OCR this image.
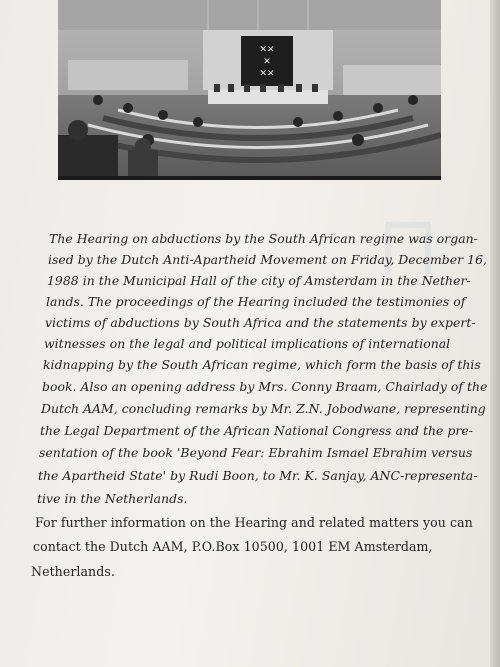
✕✕
✕
✕✕
The Hearing on abductions by the South African regime was organ-
ised by the Dutch Anti-Apartheid Movement on Friday, December 16,
1988 in the Municipal Hall of the city of Amsterdam in the Nether-
lands. The proceedings of the Hearing included the testimonies of
victims of abductions by South Africa and the statements by expert-
witnesses on the legal and political implications of international
kidnapping by the South African regime, which form the basis of this
book. Also an opening address by Mrs. Conny Braam, Chairlady of the
Dutch AAM, concluding remarks by Mr. Z.N. Jobodwane, representing
the Legal Department of the African National Congress and the pre-
sentation of the book 'Beyond Fear: Ebrahim Ismael Ebrahim versus
the Apartheid State' by Rudi Boon, to Mr. K. Sanjay, ANC-representa-
tive in the Netherlands.
For further information on the Hearing and related matters you can
contact the Dutch AAM, P.O.Box 10500, 1001 EM Amsterdam,
Netherlands.
